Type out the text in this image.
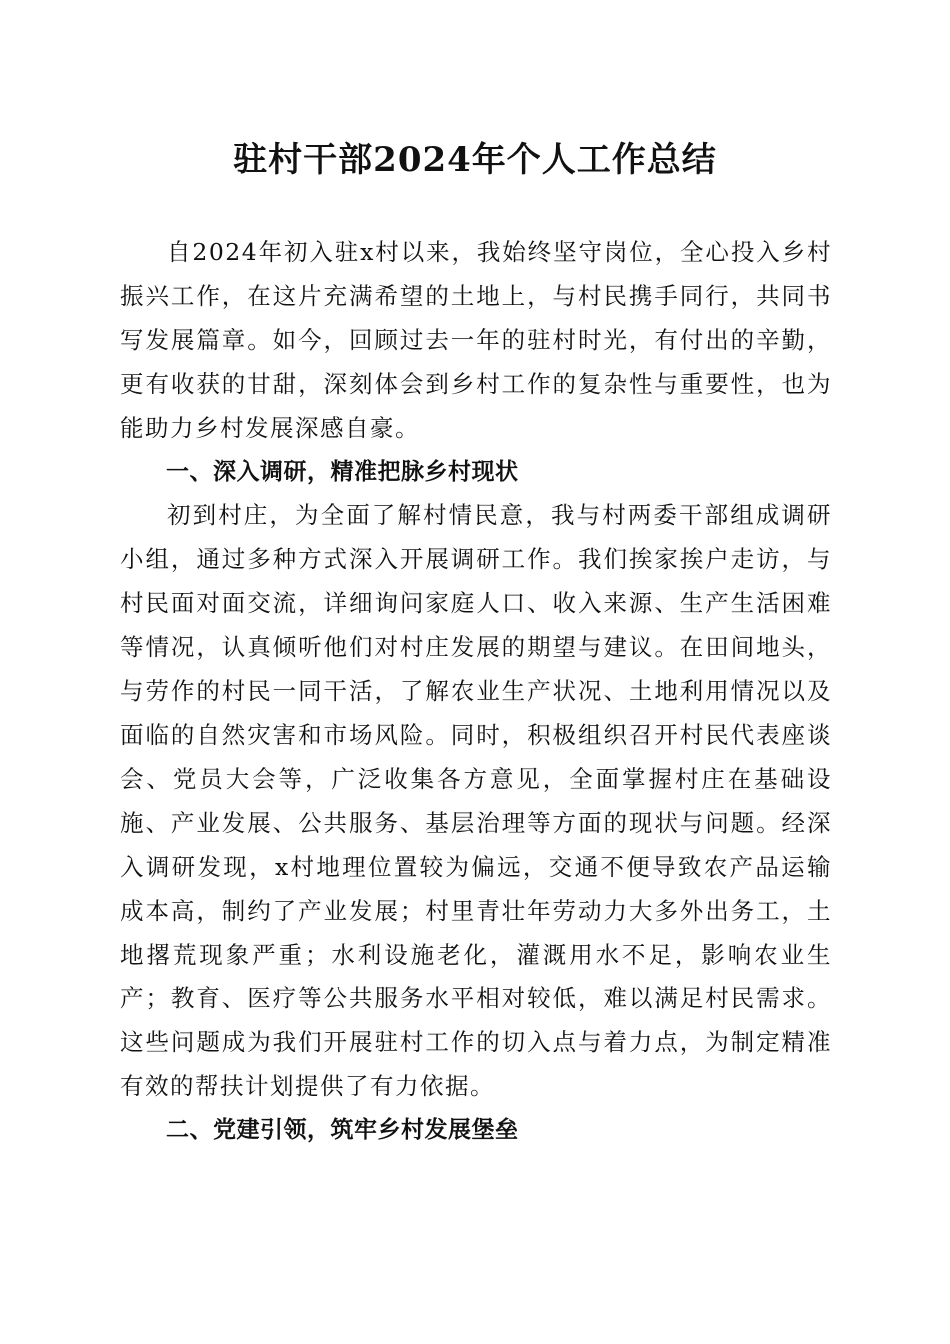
驻村干部2024年个人工作总结

自2024年初入驻x村以来，我始终坚守岗位，全心投入乡村振兴工作，在这片充满希望的土地上，与村民携手同行，共同书写发展篇章。如今，回顾过去一年的驻村时光，有付出的辛勤，更有收获的甘甜，深刻体会到乡村工作的复杂性与重要性，也为能助力乡村发展深感自豪。

一、深入调研，精准把脉乡村现状

初到村庄，为全面了解村情民意，我与村两委干部组成调研小组，通过多种方式深入开展调研工作。我们挨家挨户走访，与村民面对面交流，详细询问家庭人口、收入来源、生产生活困难等情况，认真倾听他们对村庄发展的期望与建议。在田间地头，与劳作的村民一同干活，了解农业生产状况、土地利用情况以及面临的自然灾害和市场风险。同时，积极组织召开村民代表座谈会、党员大会等，广泛收集各方意见，全面掌握村庄在基础设施、产业发展、公共服务、基层治理等方面的现状与问题。经深入调研发现，x村地理位置较为偏远，交通不便导致农产品运输成本高，制约了产业发展；村里青壮年劳动力大多外出务工，土地撂荒现象严重；水利设施老化，灌溉用水不足，影响农业生产；教育、医疗等公共服务水平相对较低，难以满足村民需求。这些问题成为我们开展驻村工作的切入点与着力点，为制定精准有效的帮扶计划提供了有力依据。

二、党建引领，筑牢乡村发展堡垒
